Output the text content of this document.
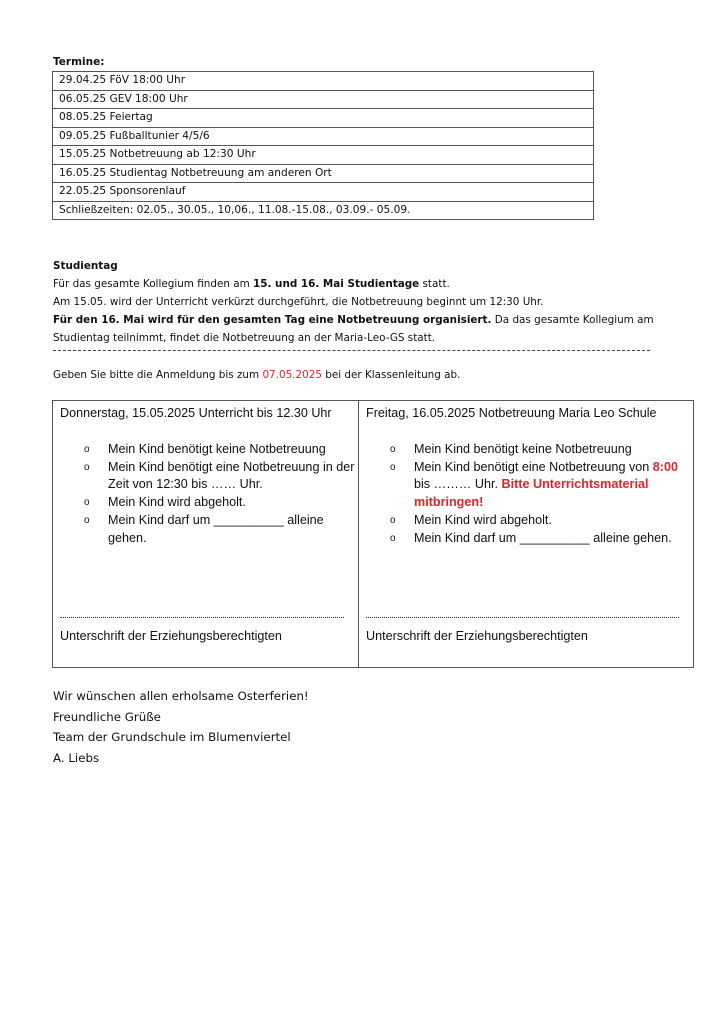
Termine:
29.04.25 FöV 18:00 Uhr
06.05.25 GEV 18:00 Uhr
08.05.25 Feiertag
09.05.25 Fußballtunier 4/5/6
15.05.25 Notbetreuung ab 12:30 Uhr
16.05.25 Studientag Notbetreuung am anderen Ort
22.05.25 Sponsorenlauf
Schließzeiten: 02.05., 30.05., 10,06., 11.08.-15.08., 03.09.- 05.09.

Studientag

Für das gesamte Kollegium finden am 15. und 16. Mai Studientage statt.

Am 15.05. wird der Unterricht verkürzt durchgeführt, die Notbetreuung beginnt um 12:30 Uhr.

Für den 16. Mai wird für den gesamten Tag eine Notbetreuung organisiert. Da das gesamte Kollegium am

Studientag teilnimmt, findet die Notbetreuung an der Maria-Leo-GS statt.

Geben Sie bitte die Anmeldung bis zum 07.05.2025 bei der Klassenleitung ab.

Donnerstag, 15.05.2025 Unterricht bis 12.30 Uhr

o Mein Kind benötigt keine Notbetreuung
o Mein Kind benötigt eine Notbetreuung in der Zeit von 12:30 bis …… Uhr.
o Mein Kind wird abgeholt.
o Mein Kind darf um __________ alleine gehen.
Unterschrift der Erziehungsberechtigten

Freitag, 16.05.2025 Notbetreuung Maria Leo Schule

o Mein Kind benötigt keine Notbetreuung
o Mein Kind benötigt eine Notbetreuung von 8:00 bis ……… Uhr. Bitte Unterrichtsmaterial mitbringen!
o Mein Kind wird abgeholt.
o Mein Kind darf um __________ alleine gehen.
Unterschrift der Erziehungsberechtigten

Wir wünschen allen erholsame Osterferien!

Freundliche Grüße

Team der Grundschule im Blumenviertel

A. Liebs
